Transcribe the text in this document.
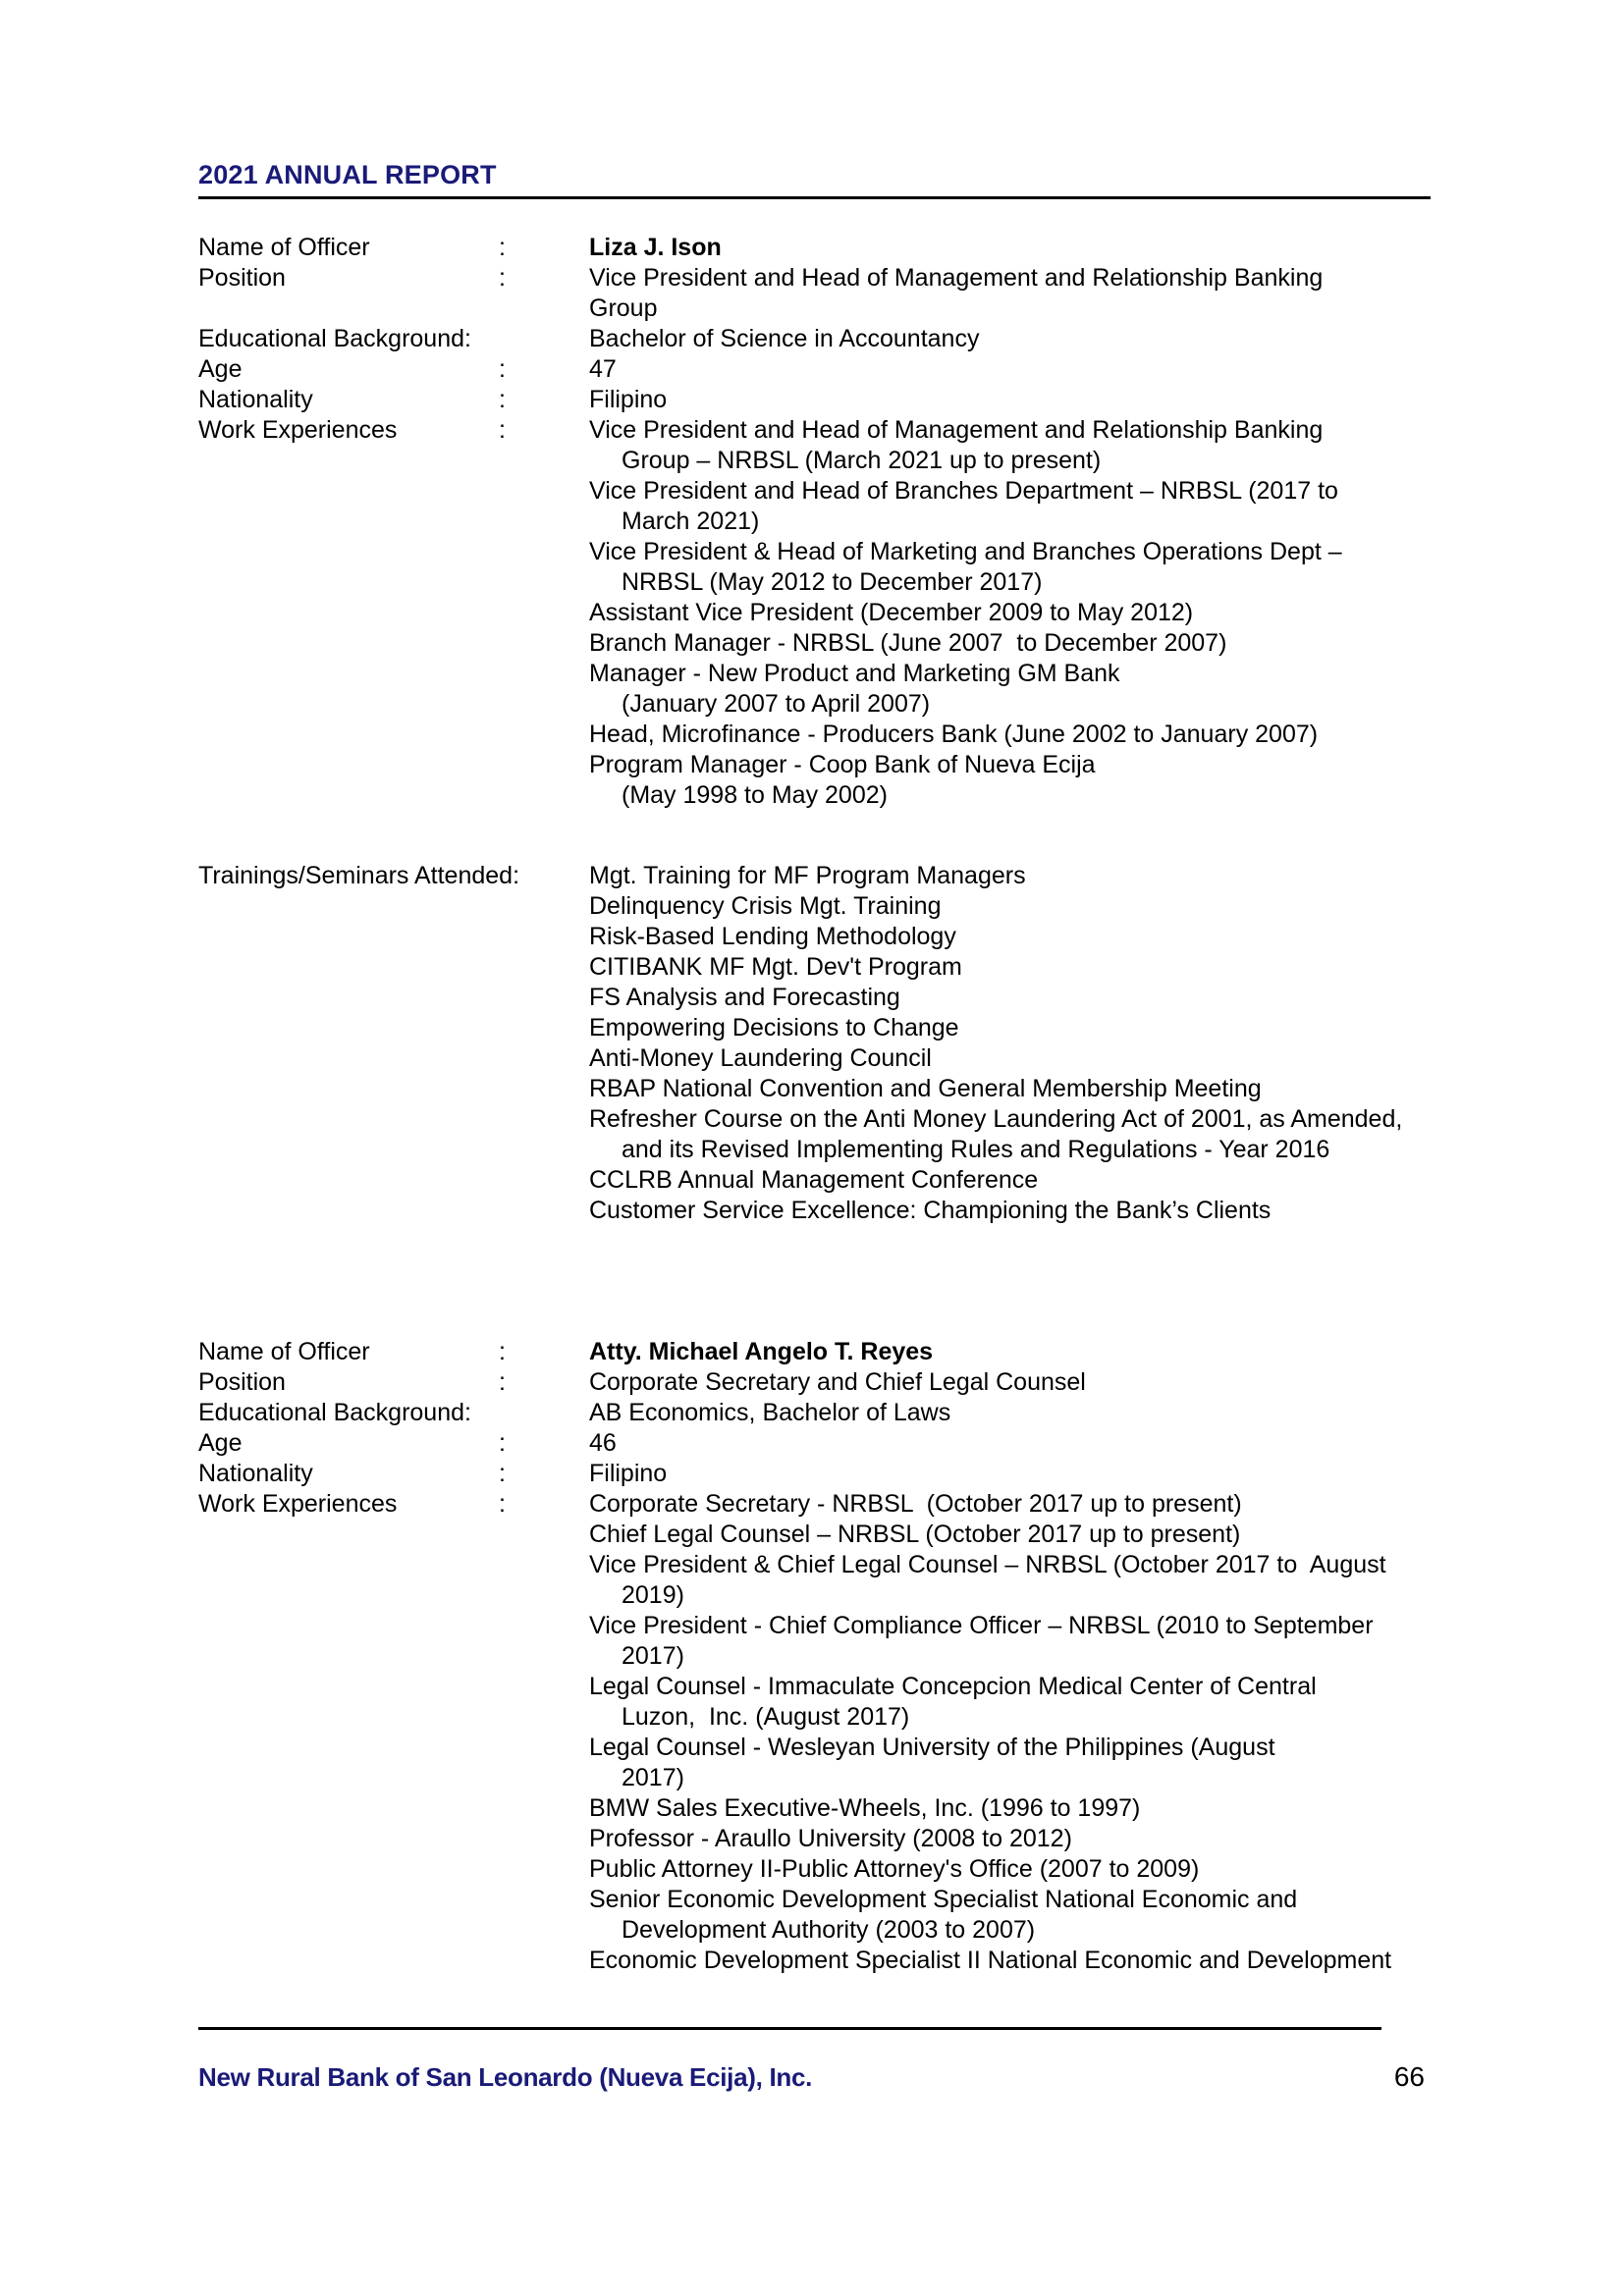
2021 ANNUAL REPORT
Name of Officer	:	Liza J. Ison
Position	:	Vice President and Head of Management and Relationship Banking
Group
Educational Background:	Bachelor of Science in Accountancy
Age	:	47
Nationality	:	Filipino
Work Experiences	:	Vice President and Head of Management and Relationship Banking
Group – NRBSL (March 2021 up to present)
Vice President and Head of Branches Department – NRBSL (2017 to
March 2021)
Vice President & Head of Marketing and Branches Operations Dept –
NRBSL (May 2012 to December 2017)
Assistant Vice President (December 2009 to May 2012)
Branch Manager - NRBSL (June 2007  to December 2007)
Manager - New Product and Marketing GM Bank
(January 2007 to April 2007)
Head, Microfinance - Producers Bank (June 2002 to January 2007)
Program Manager - Coop Bank of Nueva Ecija
(May 1998 to May 2002)
Trainings/Seminars Attended:	Mgt. Training for MF Program Managers
Delinquency Crisis Mgt. Training
Risk-Based Lending Methodology
CITIBANK MF Mgt. Dev't Program
FS Analysis and Forecasting
Empowering Decisions to Change
Anti-Money Laundering Council
RBAP National Convention and General Membership Meeting
Refresher Course on the Anti Money Laundering Act of 2001, as Amended,
and its Revised Implementing Rules and Regulations - Year 2016
CCLRB Annual Management Conference
Customer Service Excellence: Championing the Bank’s Clients
Name of Officer	:	Atty. Michael Angelo T. Reyes
Position	:	Corporate Secretary and Chief Legal Counsel
Educational Background:	AB Economics, Bachelor of Laws
Age	:	46
Nationality	:	Filipino
Work Experiences	:	Corporate Secretary - NRBSL  (October 2017 up to present)
Chief Legal Counsel – NRBSL (October 2017 up to present)
Vice President & Chief Legal Counsel – NRBSL (October 2017 to  August
2019)
Vice President - Chief Compliance Officer – NRBSL (2010 to September
2017)
Legal Counsel - Immaculate Concepcion Medical Center of Central
Luzon,  Inc. (August 2017)
Legal Counsel - Wesleyan University of the Philippines (August
2017)
BMW Sales Executive-Wheels, Inc. (1996 to 1997)
Professor - Araullo University (2008 to 2012)
Public Attorney II-Public Attorney's Office (2007 to 2009)
Senior Economic Development Specialist National Economic and
Development Authority (2003 to 2007)
Economic Development Specialist II National Economic and Development
New Rural Bank of San Leonardo (Nueva Ecija), Inc.	66
